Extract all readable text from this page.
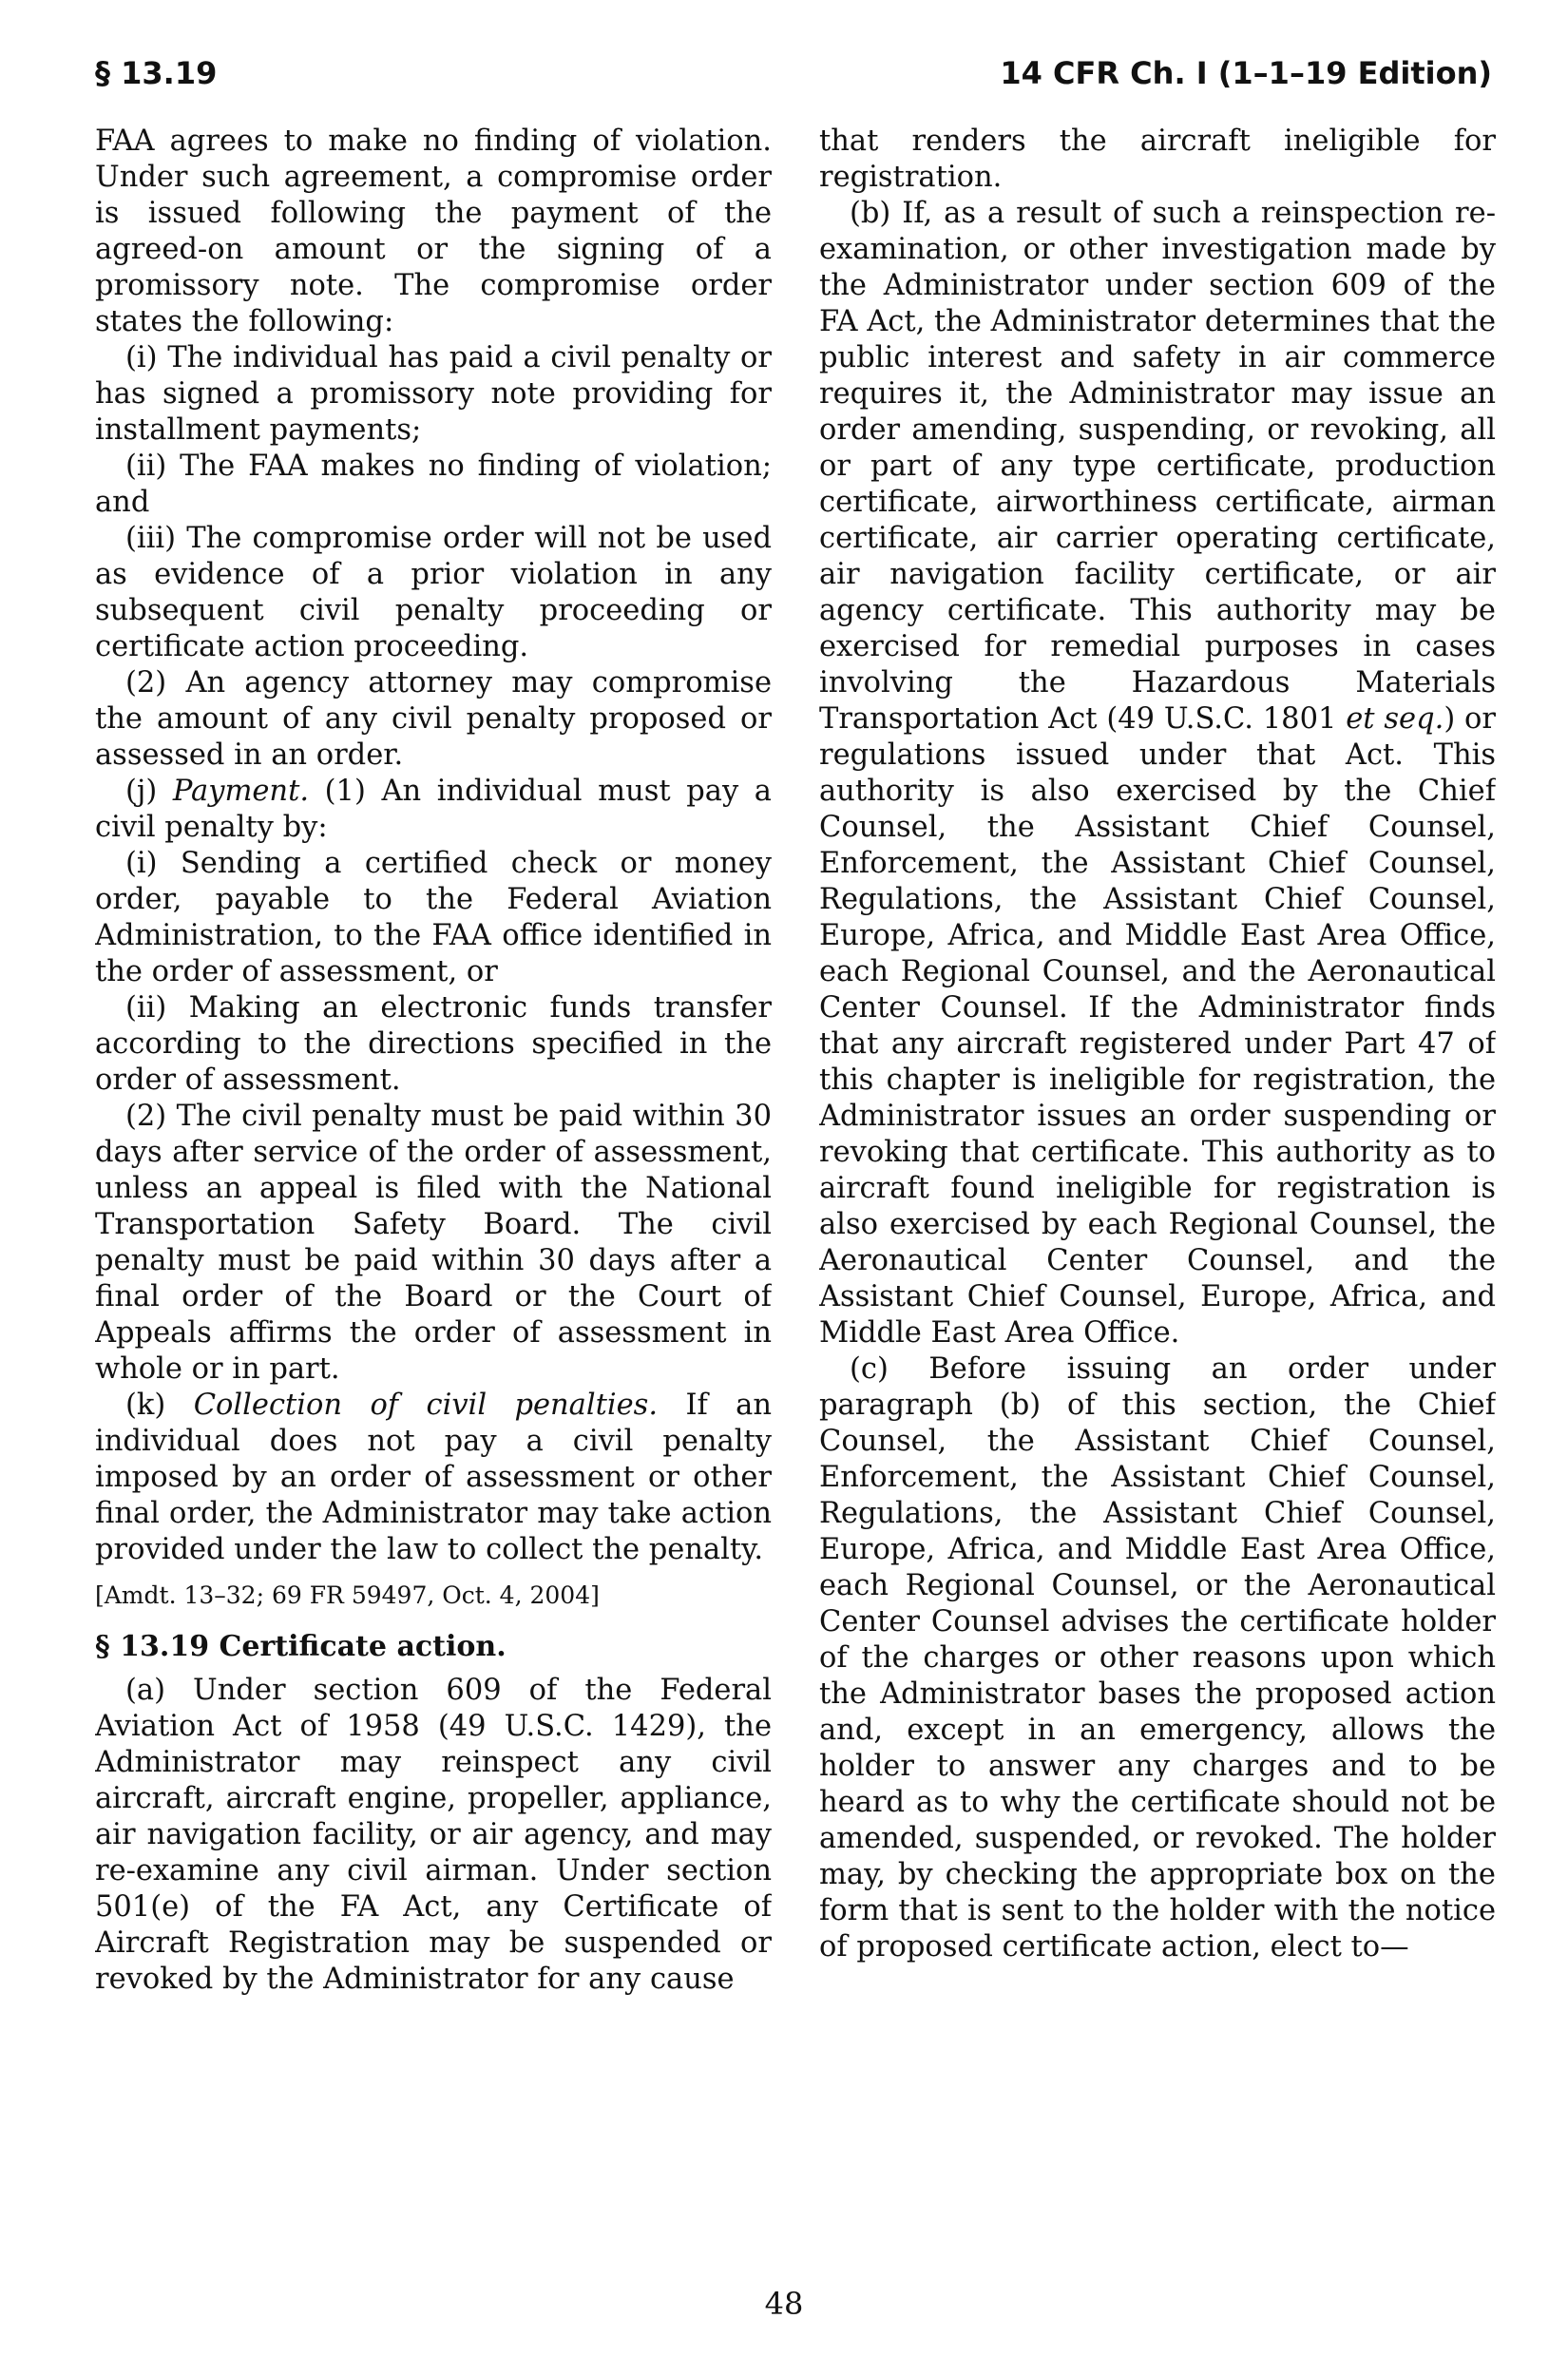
§ 13.19	14 CFR Ch. I (1–1–19 Edition)

FAA agrees to make no finding of violation. Under such agreement, a compromise order is issued following the payment of the agreed-on amount or the signing of a promissory note. The compromise order states the following:

(i) The individual has paid a civil penalty or has signed a promissory note providing for installment payments;

(ii) The FAA makes no finding of violation; and

(iii) The compromise order will not be used as evidence of a prior violation in any subsequent civil penalty proceeding or certificate action proceeding.

(2) An agency attorney may compromise the amount of any civil penalty proposed or assessed in an order.

(j) Payment. (1) An individual must pay a civil penalty by:

(i) Sending a certified check or money order, payable to the Federal Aviation Administration, to the FAA office identified in the order of assessment, or

(ii) Making an electronic funds transfer according to the directions specified in the order of assessment.

(2) The civil penalty must be paid within 30 days after service of the order of assessment, unless an appeal is filed with the National Transportation Safety Board. The civil penalty must be paid within 30 days after a final order of the Board or the Court of Appeals affirms the order of assessment in whole or in part.

(k) Collection of civil penalties. If an individual does not pay a civil penalty imposed by an order of assessment or other final order, the Administrator may take action provided under the law to collect the penalty.

[Amdt. 13–32; 69 FR 59497, Oct. 4, 2004]

§ 13.19 Certificate action.

(a) Under section 609 of the Federal Aviation Act of 1958 (49 U.S.C. 1429), the Administrator may reinspect any civil aircraft, aircraft engine, propeller, appliance, air navigation facility, or air agency, and may re-examine any civil airman. Under section 501(e) of the FA Act, any Certificate of Aircraft Registration may be suspended or revoked by the Administrator for any cause

that renders the aircraft ineligible for registration.

(b) If, as a result of such a reinspection re-examination, or other investigation made by the Administrator under section 609 of the FA Act, the Administrator determines that the public interest and safety in air commerce requires it, the Administrator may issue an order amending, suspending, or revoking, all or part of any type certificate, production certificate, airworthiness certificate, airman certificate, air carrier operating certificate, air navigation facility certificate, or air agency certificate. This authority may be exercised for remedial purposes in cases involving the Hazardous Materials Transportation Act (49 U.S.C. 1801 et seq.) or regulations issued under that Act. This authority is also exercised by the Chief Counsel, the Assistant Chief Counsel, Enforcement, the Assistant Chief Counsel, Regulations, the Assistant Chief Counsel, Europe, Africa, and Middle East Area Office, each Regional Counsel, and the Aeronautical Center Counsel. If the Administrator finds that any aircraft registered under Part 47 of this chapter is ineligible for registration, the Administrator issues an order suspending or revoking that certificate. This authority as to aircraft found ineligible for registration is also exercised by each Regional Counsel, the Aeronautical Center Counsel, and the Assistant Chief Counsel, Europe, Africa, and Middle East Area Office.

(c) Before issuing an order under paragraph (b) of this section, the Chief Counsel, the Assistant Chief Counsel, Enforcement, the Assistant Chief Counsel, Regulations, the Assistant Chief Counsel, Europe, Africa, and Middle East Area Office, each Regional Counsel, or the Aeronautical Center Counsel advises the certificate holder of the charges or other reasons upon which the Administrator bases the proposed action and, except in an emergency, allows the holder to answer any charges and to be heard as to why the certificate should not be amended, suspended, or revoked. The holder may, by checking the appropriate box on the form that is sent to the holder with the notice of proposed certificate action, elect to—

48
